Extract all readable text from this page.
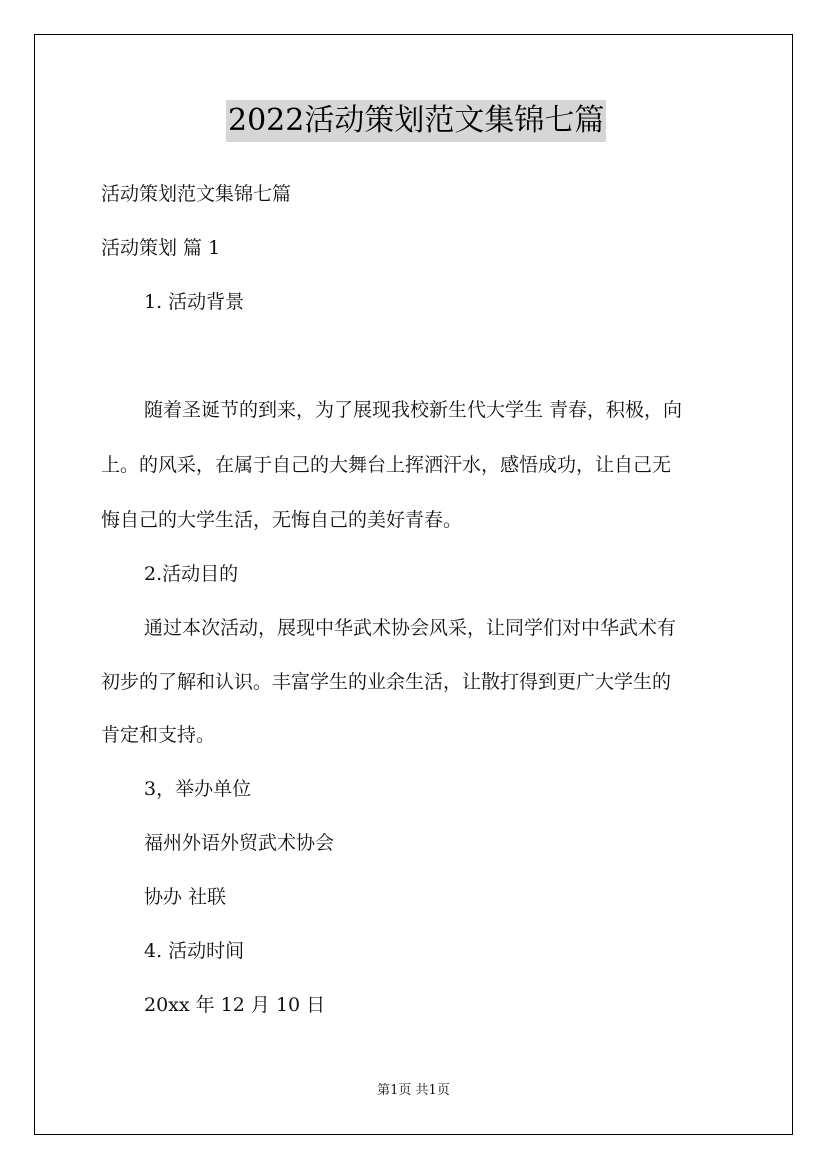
2022活动策划范文集锦七篇
活动策划范文集锦七篇
活动策划 篇 1
1. 活动背景
随着圣诞节的到来，为了展现我校新生代大学生 青春，积极，向
上。的风采，在属于自己的大舞台上挥洒汗水，感悟成功，让自己无
悔自己的大学生活，无悔自己的美好青春。
2.活动目的
通过本次活动，展现中华武术协会风采，让同学们对中华武术有
初步的了解和认识。丰富学生的业余生活，让散打得到更广大学生的
肯定和支持。
3，举办单位
福州外语外贸武术协会
协办 社联
4. 活动时间
20xx 年 12 月 10 日
第1页 共1页
